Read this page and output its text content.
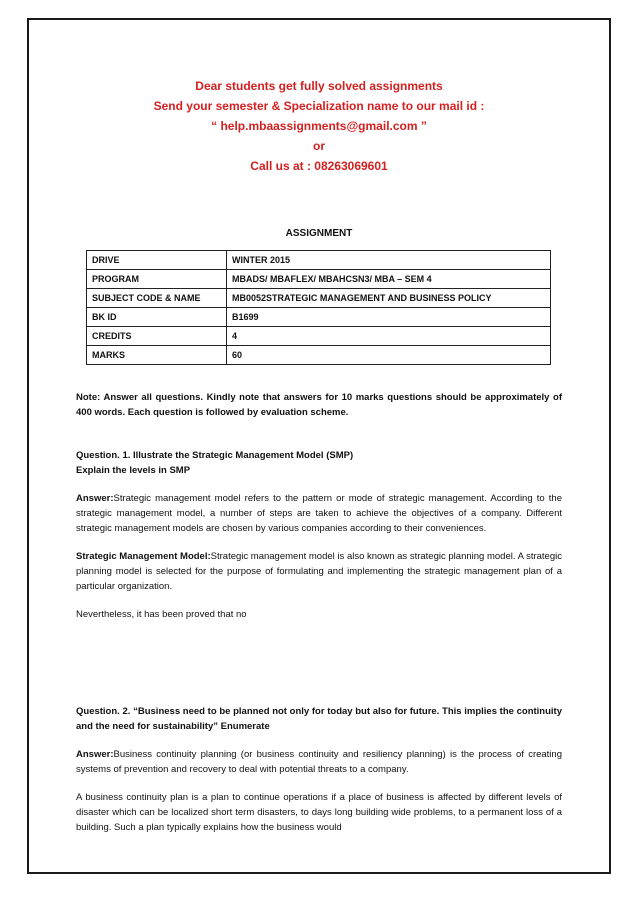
Dear students get fully solved assignments
Send your semester & Specialization name to our mail id :
“ help.mbaassignments@gmail.com ”
or
Call us at : 08263069601
ASSIGNMENT
DRIVE	WINTER 2015
PROGRAM	MBADS/ MBAFLEX/ MBAHCSN3/ MBA – SEM 4
SUBJECT CODE & NAME	MB0052STRATEGIC MANAGEMENT AND BUSINESS POLICY
BK ID	B1699
CREDITS	4
MARKS	60

Note: Answer all questions. Kindly note that answers for 10 marks questions should be approximately of 400 words. Each question is followed by evaluation scheme.

Question. 1. Illustrate the Strategic Management Model (SMP)

Explain the levels in SMP

Answer:Strategic management model refers to the pattern or mode of strategic management. According to the strategic management model, a number of steps are taken to achieve the objectives of a company. Different strategic management models are chosen by various companies according to their conveniences.

Strategic Management Model:Strategic management model is also known as strategic planning model. A strategic planning model is selected for the purpose of formulating and implementing the strategic management plan of a particular organization.

Nevertheless, it has been proved that no

Question. 2. “Business need to be planned not only for today but also for future. This implies the continuity and the need for sustainability” Enumerate

Answer:Business continuity planning (or business continuity and resiliency planning) is the process of creating systems of prevention and recovery to deal with potential threats to a company.

A business continuity plan is a plan to continue operations if a place of business is affected by different levels of disaster which can be localized short term disasters, to days long building wide problems, to a permanent loss of a building. Such a plan typically explains how the business would
